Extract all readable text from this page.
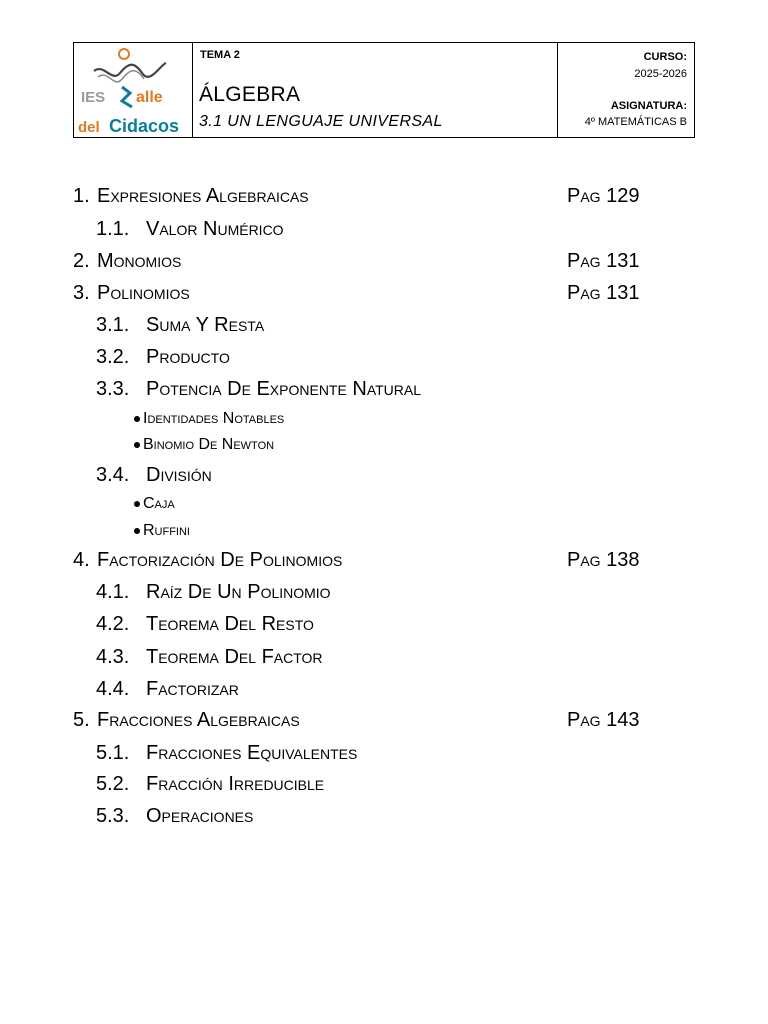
IES alle
del Cidacos

TEMA 2
ÁLGEBRA
3.1 UN LENGUAJE UNIVERSAL

CURSO:
2025-2026
ASIGNATURA:
4º MATEMÁTICAS B
1. Expresiones Algebraicas	Pag 129
1.1. Valor Numérico
2. Monomios	Pag 131
3. Polinomios	Pag 131
3.1. Suma Y Resta
3.2. Producto
3.3. Potencia De Exponente Natural
Identidades Notables
Binomio De Newton
3.4. División
Caja
Ruffini
4. Factorización De Polinomios	Pag 138
4.1. Raíz De Un Polinomio
4.2. Teorema Del Resto
4.3. Teorema Del Factor
4.4. Factorizar
5. Fracciones Algebraicas	Pag 143
5.1. Fracciones Equivalentes
5.2. Fracción Irreducible
5.3. Operaciones
